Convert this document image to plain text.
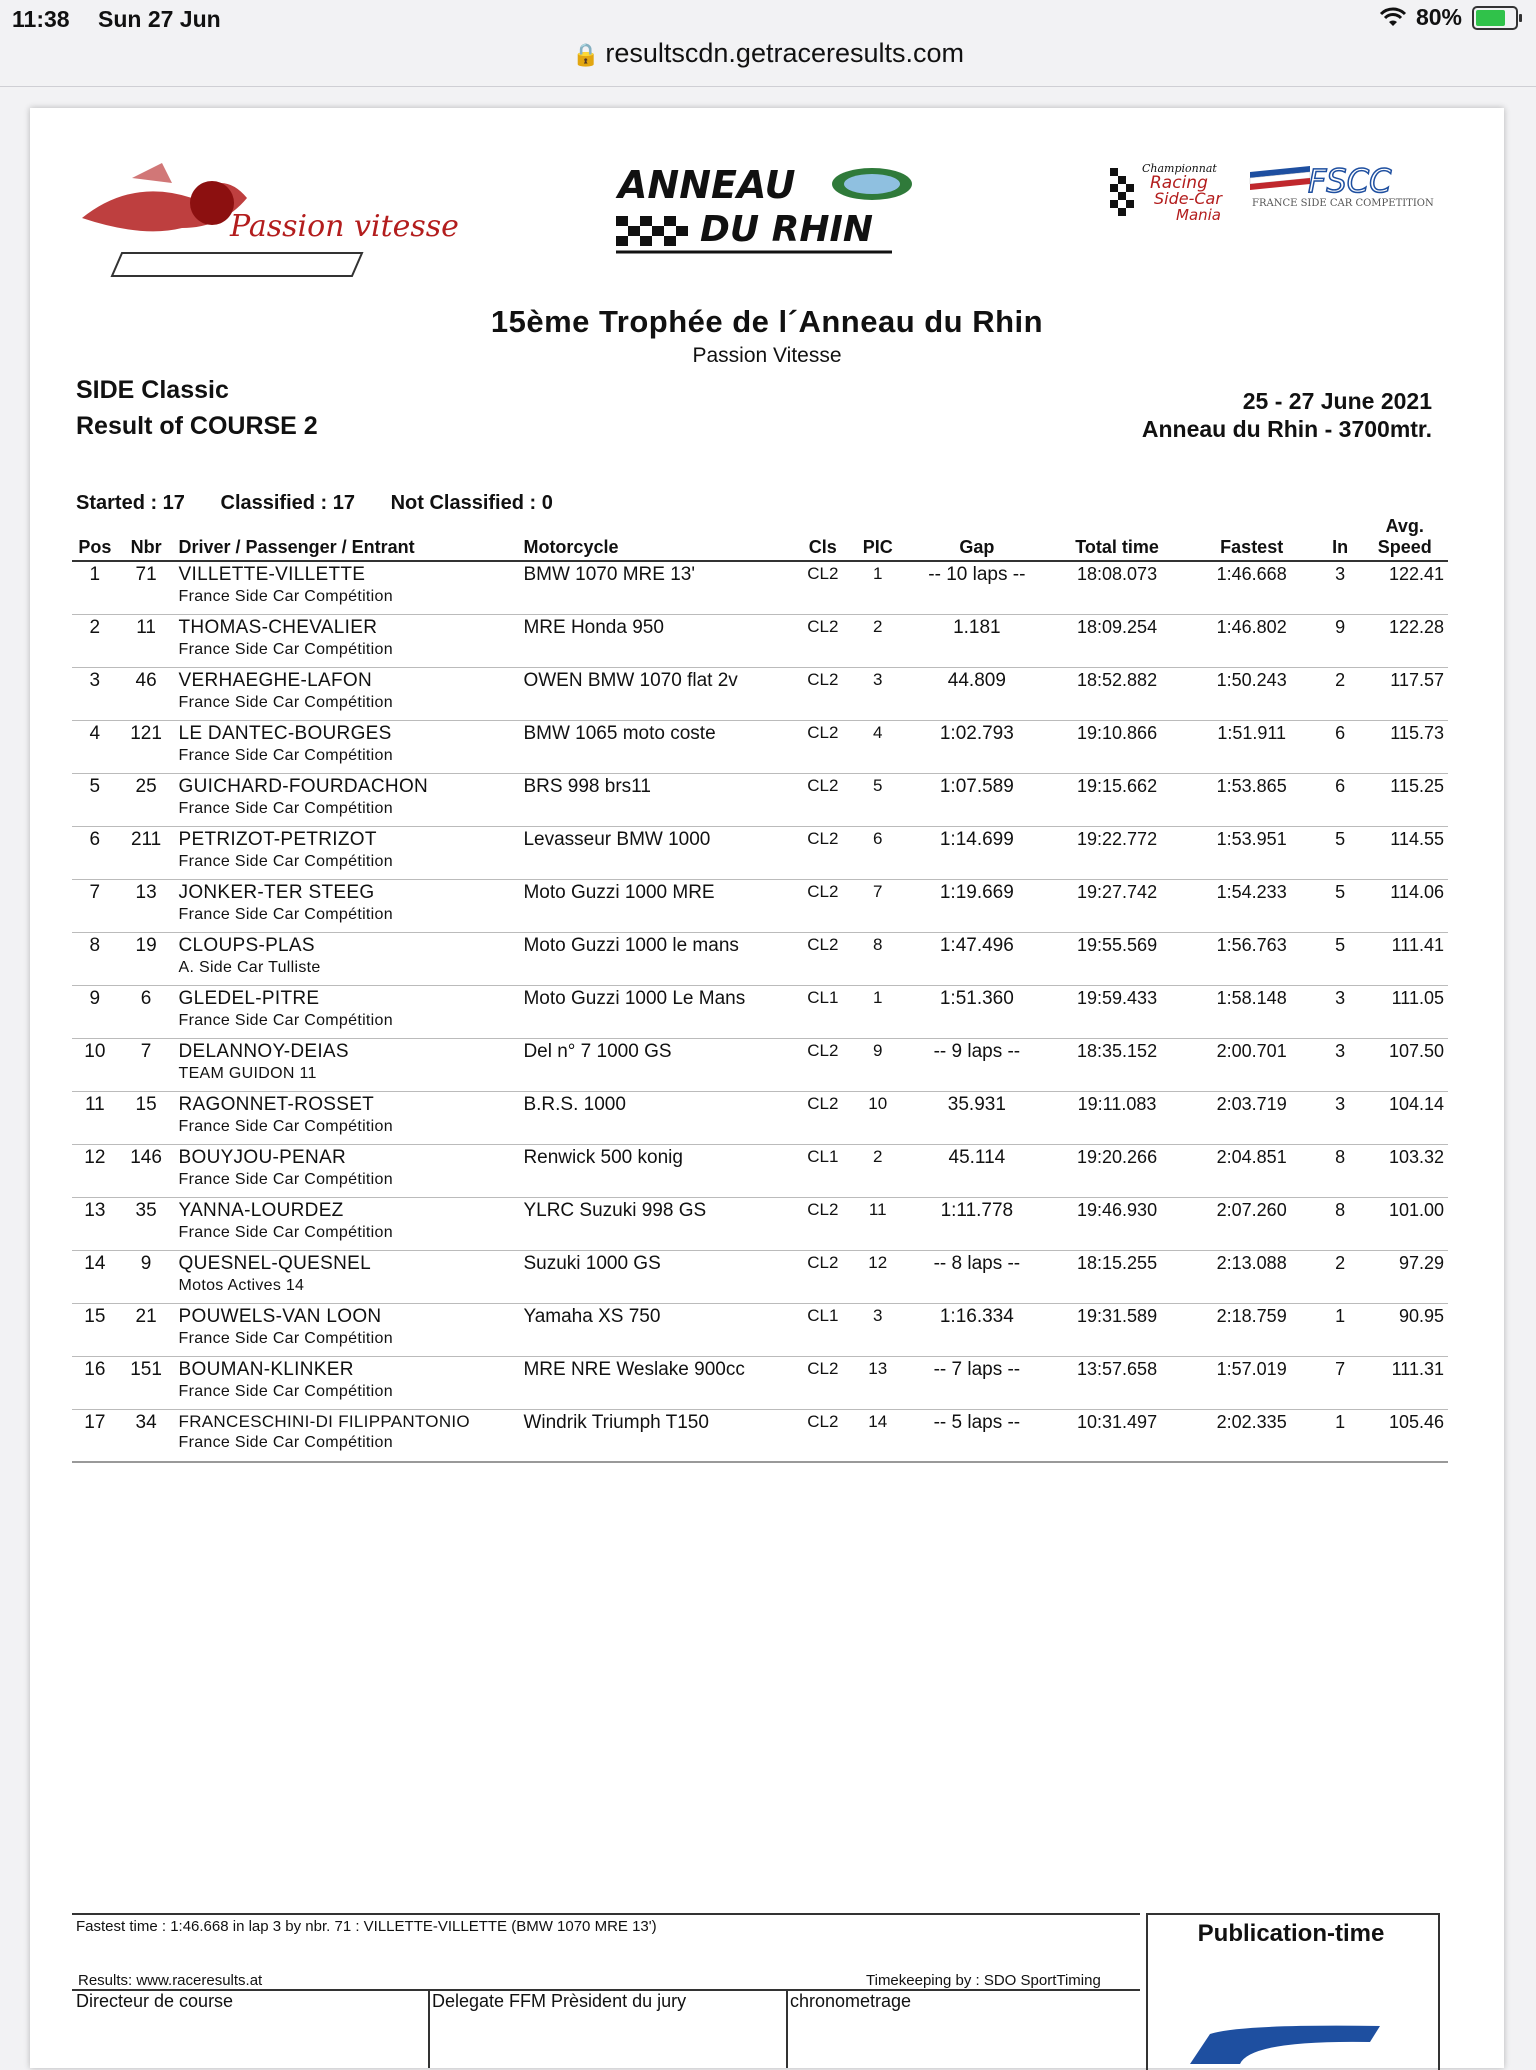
11:38 Sun 27 Jun	80%
🔒 resultscdn.getraceresults.com
Passion vitesse
ANNEAU
DU RHIN
Championnat
Racing
Side-Car
Mania
FSCC
FRANCE SIDE CAR COMPETITION
15ème Trophée de l´Anneau du Rhin
Passion Vitesse
SIDE Classic
Result of COURSE 2
25 - 27 June 2021
Anneau du Rhin - 3700mtr.
Started : 17 Classified : 17 Not Classified : 0
Pos	Nbr	Driver / Passenger / Entrant	Motorcycle	Cls	PIC	Gap	Total time	Fastest	In	Avg.
Speed

1	71	VILLETTE-VILLETTE
France Side Car Compétition	BMW 1070 MRE 13'	CL2	1	-- 10 laps --	18:08.073	1:46.668	3	122.41
2	11	THOMAS-CHEVALIER
France Side Car Compétition	MRE Honda 950	CL2	2	1.181	18:09.254	1:46.802	9	122.28
3	46	VERHAEGHE-LAFON
France Side Car Compétition	OWEN BMW 1070 flat 2v	CL2	3	44.809	18:52.882	1:50.243	2	117.57
4	121	LE DANTEC-BOURGES
France Side Car Compétition	BMW 1065 moto coste	CL2	4	1:02.793	19:10.866	1:51.911	6	115.73
5	25	GUICHARD-FOURDACHON
France Side Car Compétition	BRS 998 brs11	CL2	5	1:07.589	19:15.662	1:53.865	6	115.25
6	211	PETRIZOT-PETRIZOT
France Side Car Compétition	Levasseur BMW 1000	CL2	6	1:14.699	19:22.772	1:53.951	5	114.55
7	13	JONKER-TER STEEG
France Side Car Compétition	Moto Guzzi 1000 MRE	CL2	7	1:19.669	19:27.742	1:54.233	5	114.06
8	19	CLOUPS-PLAS
A. Side Car Tulliste	Moto Guzzi 1000 le mans	CL2	8	1:47.496	19:55.569	1:56.763	5	111.41
9	6	GLEDEL-PITRE
France Side Car Compétition	Moto Guzzi 1000 Le Mans	CL1	1	1:51.360	19:59.433	1:58.148	3	111.05
10	7	DELANNOY-DEIAS
TEAM GUIDON 11	Del n° 7 1000 GS	CL2	9	-- 9 laps --	18:35.152	2:00.701	3	107.50
11	15	RAGONNET-ROSSET
France Side Car Compétition	B.R.S. 1000	CL2	10	35.931	19:11.083	2:03.719	3	104.14
12	146	BOUYJOU-PENAR
France Side Car Compétition	Renwick 500 konig	CL1	2	45.114	19:20.266	2:04.851	8	103.32
13	35	YANNA-LOURDEZ
France Side Car Compétition	YLRC Suzuki 998 GS	CL2	11	1:11.778	19:46.930	2:07.260	8	101.00
14	9	QUESNEL-QUESNEL
Motos Actives 14	Suzuki 1000 GS	CL2	12	-- 8 laps --	18:15.255	2:13.088	2	97.29
15	21	POUWELS-VAN LOON
France Side Car Compétition	Yamaha XS 750	CL1	3	1:16.334	19:31.589	2:18.759	1	90.95
16	151	BOUMAN-KLINKER
France Side Car Compétition	MRE NRE Weslake 900cc	CL2	13	-- 7 laps --	13:57.658	1:57.019	7	111.31
17	34	FRANCESCHINI-DI FILIPPANTONIO
France Side Car Compétition	Windrik Triumph T150	CL2	14	-- 5 laps --	10:31.497	2:02.335	1	105.46
Fastest time : 1:46.668 in lap 3 by nbr. 71 : VILLETTE-VILLETTE (BMW 1070 MRE 13')
Results: www.raceresults.at	Timekeeping by : SDO SportTiming
Publication-time
Directeur de course	Delegate FFM Prèsident du jury	chronometrage
